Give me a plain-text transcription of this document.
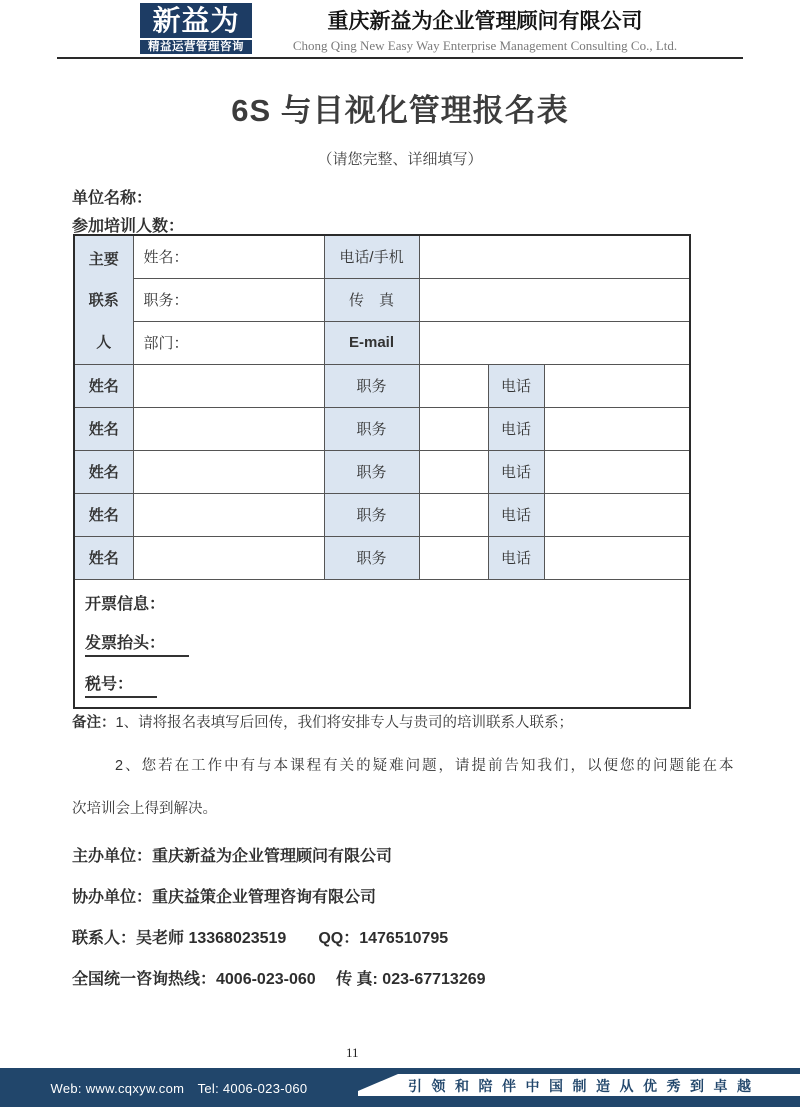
新益为
精益运营管理咨询
重庆新益为企业管理顾问有限公司
Chong Qing New Easy Way Enterprise Management Consulting Co., Ltd.
6S 与目视化管理报名表
（请您完整、详细填写）
单位名称：
参加培训人数：
主要
联系
人	姓名：	电话/手机			
	职务：	传　真			
	部门：	E-mail			
姓名		职务		电话	
姓名		职务		电话	
姓名		职务		电话	
姓名		职务		电话	
姓名		职务		电话	

开票信息：
发票抬头：
税号：					
备注：1、请将报名表填写后回传，我们将安排专人与贵司的培训联系人联系；
2、您若在工作中有与本课程有关的疑难问题，请提前告知我们，以便您的问题能在本
次培训会上得到解决。
主办单位：重庆新益为企业管理顾问有限公司
协办单位：重庆益策企业管理咨询有限公司
联系人：吴老师 13368023519　　QQ：1476510795
全国统一咨询热线：4006-023-060　 传 真: 023-67713269
11
Web: www.cqxyw.com　Tel: 4006-023-060	引领和陪伴中国制造从优秀到卓越
